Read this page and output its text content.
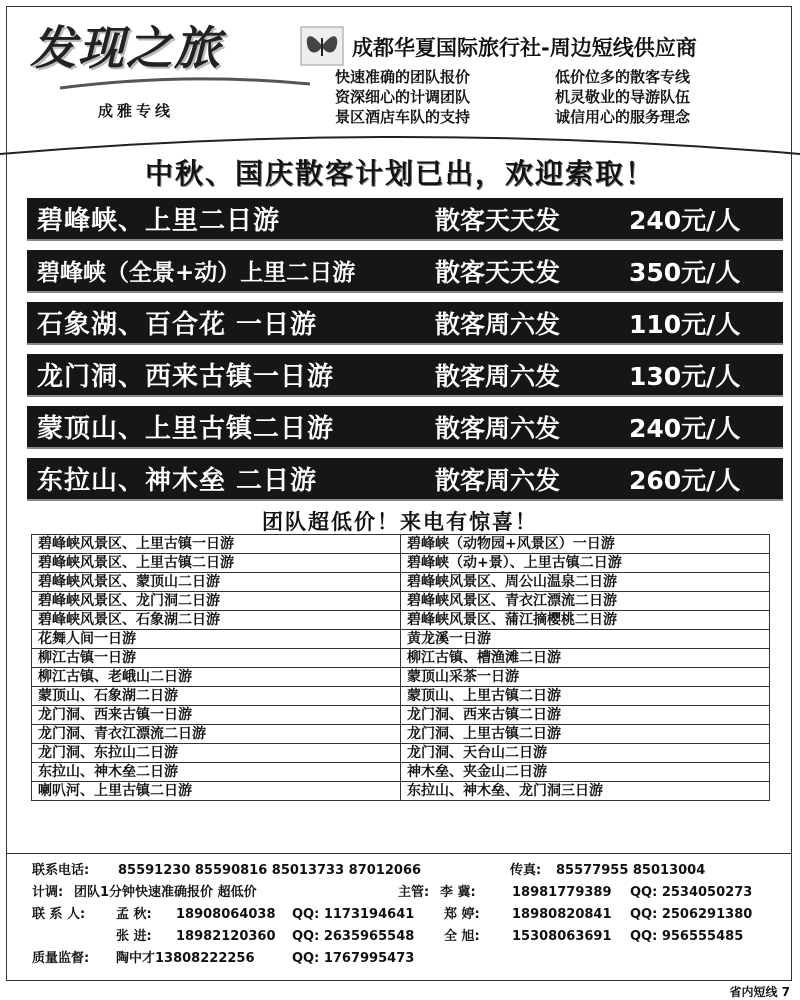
发现之旅
成雅专线
成都华夏国际旅行社-周边短线供应商
快速准确的团队报价	低价位多的散客专线
资深细心的计调团队	机灵敬业的导游队伍
景区酒店车队的支持	诚信用心的服务理念
中秋、国庆散客计划已出，欢迎索取！
碧峰峡、上里二日游	散客天天发	240元/人
碧峰峡（全景+动）上里二日游	散客天天发	350元/人
石象湖、百合花 一日游	散客周六发	110元/人
龙门洞、西来古镇一日游	散客周六发	130元/人
蒙顶山、上里古镇二日游	散客周六发	240元/人
东拉山、神木垒 二日游	散客周六发	260元/人
团队超低价！来电有惊喜！
碧峰峡风景区、上里古镇一日游	碧峰峡（动物园+风景区）一日游
碧峰峡风景区、上里古镇二日游	碧峰峡（动+景）、上里古镇二日游
碧峰峡风景区、蒙顶山二日游	碧峰峡风景区、周公山温泉二日游
碧峰峡风景区、龙门洞二日游	碧峰峡风景区、青衣江漂流二日游
碧峰峡风景区、石象湖二日游	碧峰峡风景区、蒲江摘樱桃二日游
花舞人间一日游	黄龙溪一日游
柳江古镇一日游	柳江古镇、槽渔滩二日游
柳江古镇、老峨山二日游	蒙顶山采茶一日游
蒙顶山、石象湖二日游	蒙顶山、上里古镇二日游
龙门洞、西来古镇一日游	龙门洞、西来古镇二日游
龙门洞、青衣江漂流二日游	龙门洞、上里古镇二日游
龙门洞、东拉山二日游	龙门洞、天台山二日游
东拉山、神木垒二日游	神木垒、夹金山二日游
喇叭河、上里古镇二日游	东拉山、神木垒、龙门洞三日游
联系电话: 85591230 85590816 85013733 87012066	传真: 85577955 85013004
计调: 团队1分钟快速准确报价 超低价	主管: 李 冀:	18981779389 QQ: 2534050273
联 系 人: 孟 秋: 18908064038 QQ: 1173194641 郑 婷: 18980820841 QQ: 2506291380
张 进: 18982120360 QQ: 2635965548 全 旭: 15308063691 QQ: 956555485
质量监督: 陶中才13808222256	QQ: 1767995473
省内短线 7
